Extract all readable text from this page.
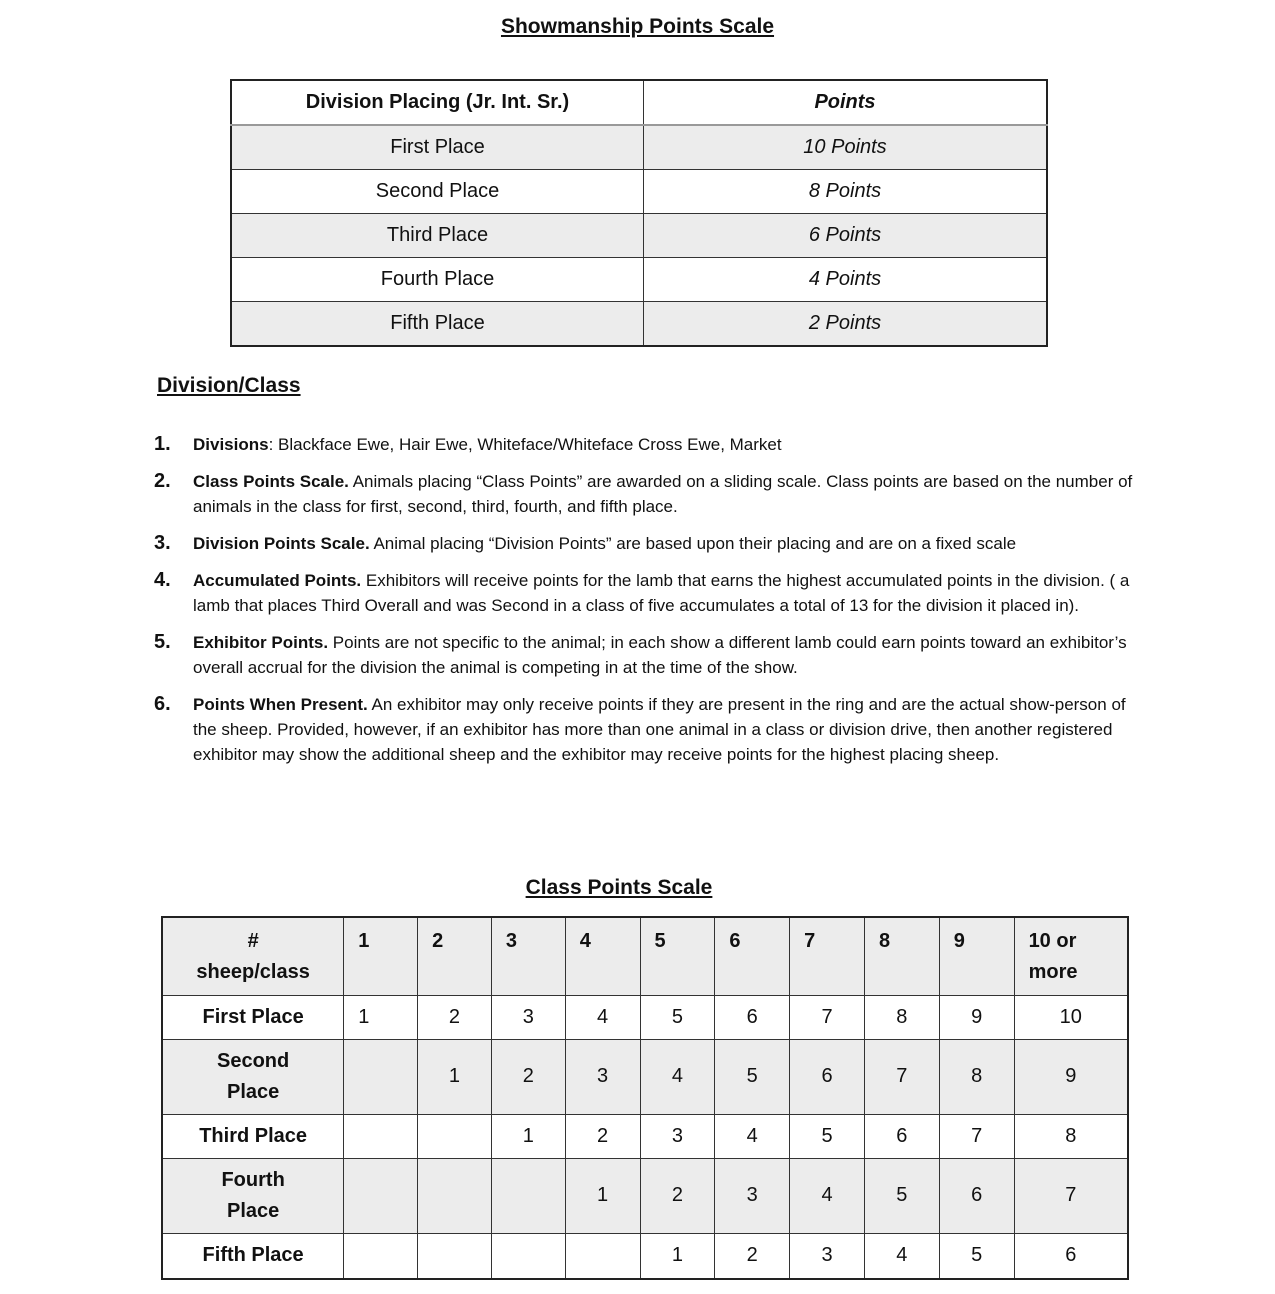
Showmanship Points Scale
Division Placing (Jr. Int. Sr.)	Points
First Place	10 Points
Second Place	8 Points
Third Place	6 Points
Fourth Place	4 Points
Fifth Place	2 Points
Division/Class
1. Divisions: Blackface Ewe, Hair Ewe, Whiteface/Whiteface Cross Ewe, Market
2. Class Points Scale. Animals placing “Class Points” are awarded on a sliding scale. Class points are based on the number of animals in the class for first, second, third, fourth, and fifth place.
3. Division Points Scale. Animal placing “Division Points” are based upon their placing and are on a fixed scale
4. Accumulated Points. Exhibitors will receive points for the lamb that earns the highest accumulated points in the division. ( a lamb that places Third Overall and was Second in a class of five accumulates a total of 13 for the division it placed in).
5. Exhibitor Points. Points are not specific to the animal; in each show a different lamb could earn points toward an exhibitor’s overall accrual for the division the animal is competing in at the time of the show.
6. Points When Present. An exhibitor may only receive points if they are present in the ring and are the actual show-person of the sheep. Provided, however, if an exhibitor has more than one animal in a class or division drive, then another registered exhibitor may show the additional sheep and the exhibitor may receive points for the highest placing sheep.
Class Points Scale
#
sheep/class	1	2	3	4	5	6	7	8	9	10 or
more
First Place	1	2	3	4	5	6	7	8	9	10
Second
Place		1	2	3	4	5	6	7	8	9
Third Place			1	2	3	4	5	6	7	8
Fourth
Place				1	2	3	4	5	6	7
Fifth Place					1	2	3	4	5	6
